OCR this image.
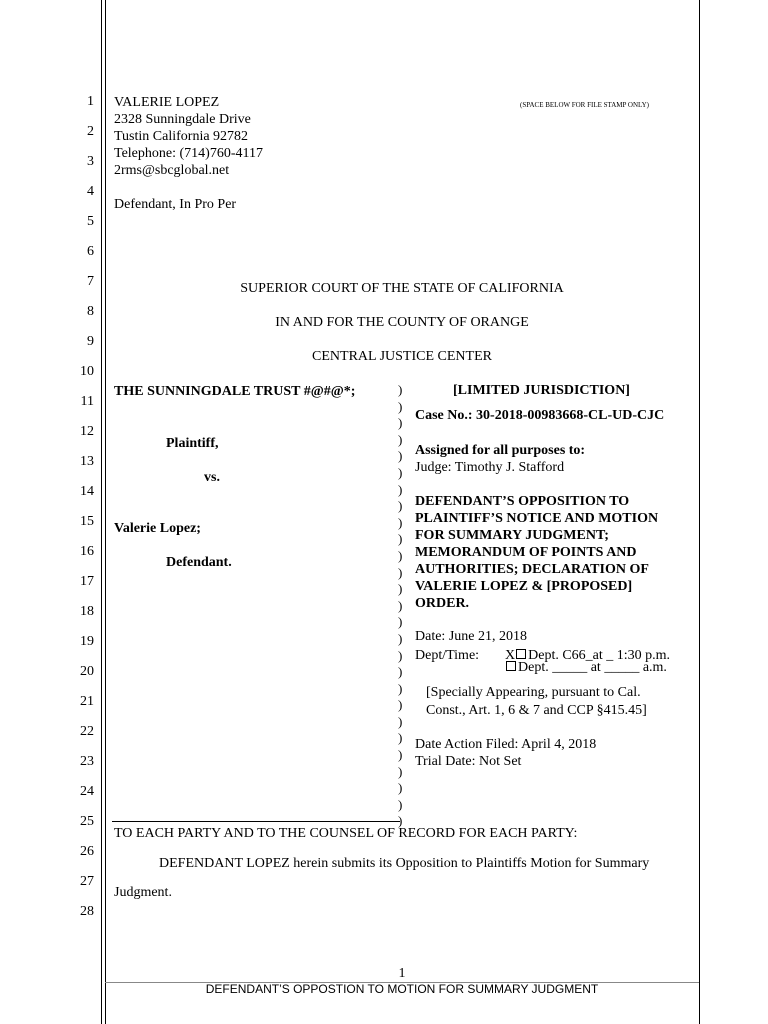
1
2
3
4
5
6
7
8
9
10
11
12
13
14
15
16
17
18
19
20
21
22
23
24
25
26
27
28
VALERIE LOPEZ
2328 Sunningdale Drive
Tustin California 92782
Telephone: (714)760-4117
2rms@sbcglobal.net
Defendant, In Pro Per
(SPACE BELOW FOR FILE STAMP ONLY)
SUPERIOR COURT OF THE STATE OF CALIFORNIA
IN AND FOR THE COUNTY OF ORANGE
CENTRAL JUSTICE CENTER
THE SUNNINGDALE TRUST #@#@*;
Plaintiff,
vs.
Valerie Lopez;
Defendant.
)
)
)
)
)
)
)
)
)
)
)
)
)
)
)
)
)
)
)
)
)
)
)
)
)
)
)
[LIMITED JURISDICTION]
Case No.: 30-2018-00983668-CL-UD-CJC
Assigned for all purposes to:
Judge: Timothy J. Stafford
DEFENDANT’S OPPOSITION TO
PLAINTIFF’S NOTICE AND MOTION
FOR SUMMARY JUDGMENT;
MEMORANDUM OF POINTS AND
AUTHORITIES; DECLARATION OF
VALERIE LOPEZ & [PROPOSED]
ORDER.
Date: June 21, 2018
Dept/Time: X Dept. C66_at _ 1:30 p.m.
Dept. _____ at _____ a.m.
[Specially Appearing, pursuant to Cal.
Const., Art. 1, 6 & 7 and CCP §415.45]
Date Action Filed: April 4, 2018
Trial Date: Not Set
TO EACH PARTY AND TO THE COUNSEL OF RECORD FOR EACH PARTY:
DEFENDANT LOPEZ herein submits its Opposition to Plaintiffs Motion for Summary
Judgment.
1
DEFENDANT’S OPPOSTION TO MOTION FOR SUMMARY JUDGMENT
